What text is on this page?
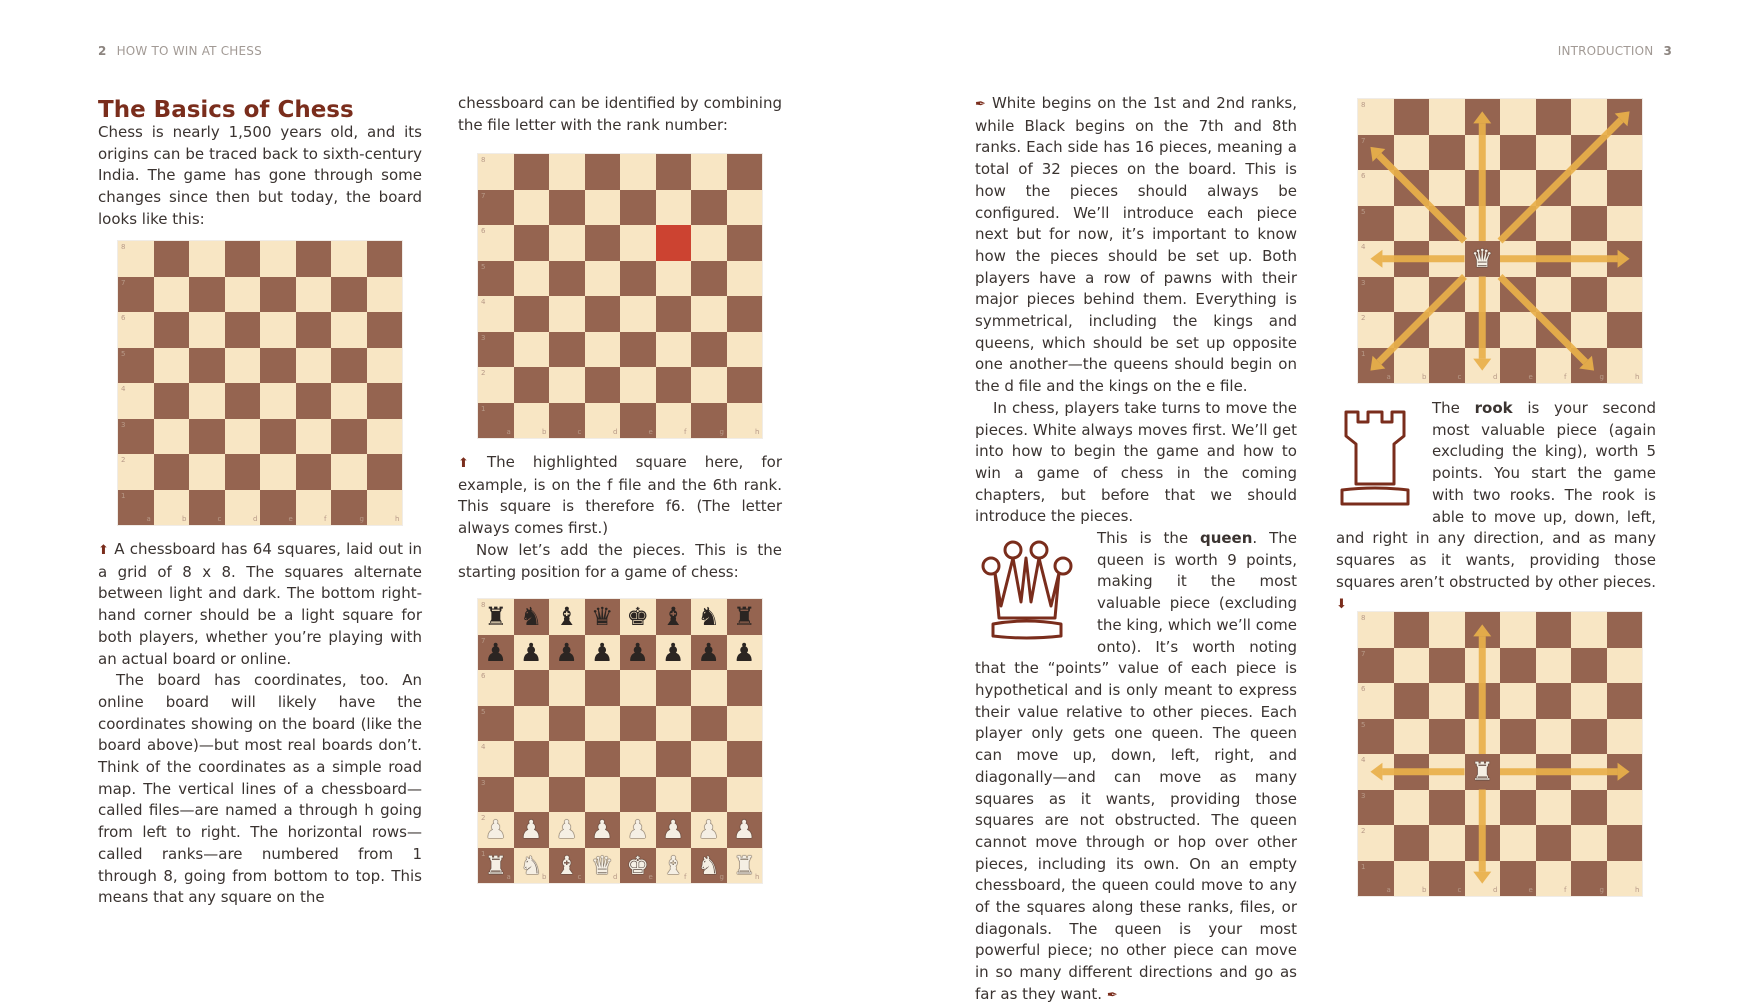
2 HOW TO WIN AT CHESS	INTRODUCTION 3
The Basics of Chess

Chess is nearly 1,500 years old, and its origins can be traced back to sixth-century India. The game has gone through some changes since then but today, the board looks like this:

8
7
6
5
4
3
2
1
a	b	c	d	e	f	g	h

⬆ A chessboard has 64 squares, laid out in a grid of 8 x 8. The squares alternate between light and dark. The bottom right-hand corner should be a light square for both players, whether you’re playing with an actual board or online.

The board has coordinates, too. An online board will likely have the coordinates showing on the board (like the board above)—but most real boards don’t. Think of the coordinates as a simple road map. The vertical lines of a chessboard—called files—are named a through h going from left to right. The horizontal rows—called ranks—are numbered from 1 through 8, going from bottom to top. This means that any square on the

chessboard can be identified by combining the file letter with the rank number:

8
7
6
5
4
3
2
1
a	b	c	d	e	f	g	h

⬆ The highlighted square here, for example, is on the f file and the 6th rank. This square is therefore f6. (The letter always comes first.)

Now let’s add the pieces. This is the starting position for a game of chess:

8
7
6
5
4
3
2
1
a	b	c	d	e	f	g	h
♜ ♞ ♝ ♛ ♚ ♝ ♞ ♜
♟ ♟ ♟ ♟ ♟ ♟ ♟ ♟
♟ ♟ ♟ ♟ ♟ ♟ ♟ ♟
♜ ♞ ♝ ♛ ♚ ♝ ♞ ♜

✒ White begins on the 1st and 2nd ranks, while Black begins on the 7th and 8th ranks. Each side has 16 pieces, meaning a total of 32 pieces on the board. This is how the pieces should always be configured. We’ll introduce each piece next but for now, it’s important to know how the pieces should be set up. Both players have a row of pawns with their major pieces behind them. Everything is symmetrical, including the kings and queens, which should be set up opposite one another—the queens should begin on the d file and the kings on the e file.

In chess, players take turns to move the pieces. White always moves first. We’ll get into how to begin the game and how to win a game of chess in the coming chapters, but before that we should introduce the pieces.

This is the queen. The queen is worth 9 points, making it the most valuable piece (excluding the king, which we’ll come onto). It’s worth noting that the “points” value of each piece is hypothetical and is only meant to express their value relative to other pieces. Each player only gets one queen. The queen can move up, down, left, right, and diagonally—and can move as many squares as it wants, providing those squares are not obstructed. The queen cannot move through or hop over other pieces, including its own. On an empty chessboard, the queen could move to any of the squares along these ranks, files, or diagonals. The queen is your most powerful piece; no other piece can move in so many different directions and go as far as they want. ✒

8
7
6
5
4
3
2
1
a	b	c	d	e	f	g	h
♛

The rook is your second most valuable piece (again excluding the king), worth 5 points. You start the game with two rooks. The rook is able to move up, down, left, and right in any direction, and as many squares as it wants, providing those squares aren’t obstructed by other pieces. ⬇

8
7
6
5
4
3
2
1
a	b	c	d	e	f	g	h
♜
